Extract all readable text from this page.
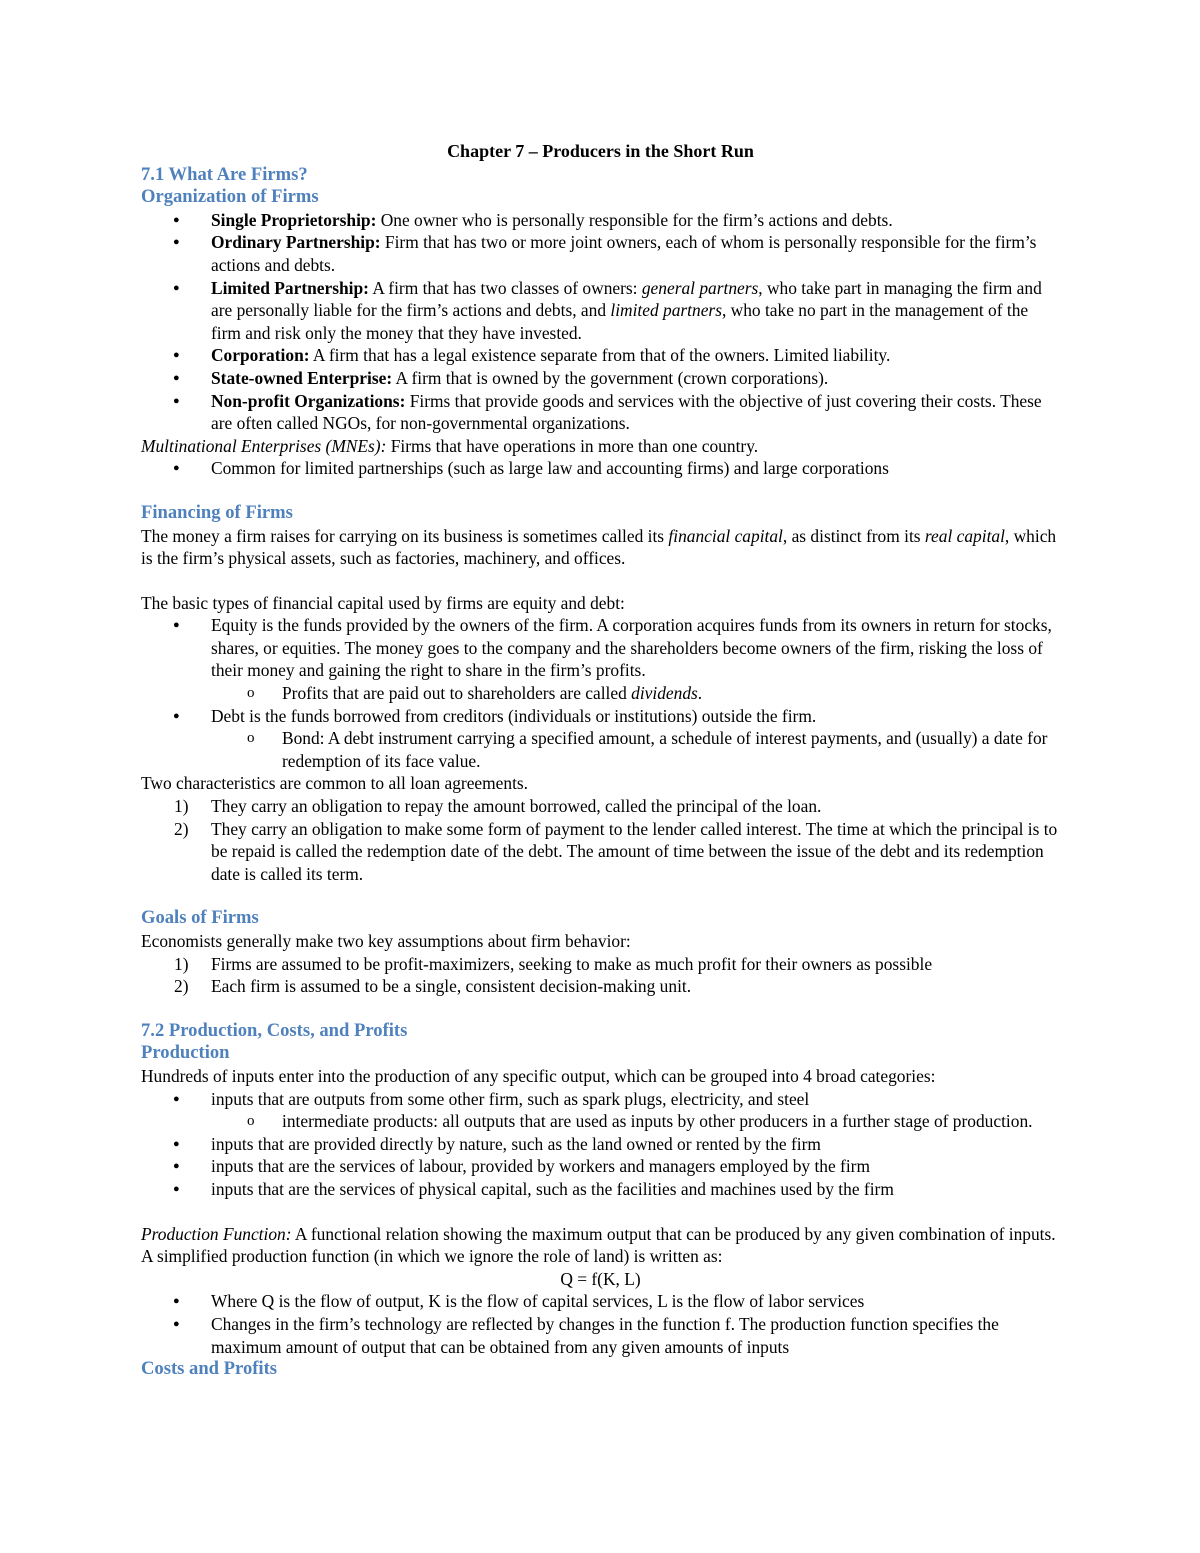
Chapter 7 – Producers in the Short Run

7.1 What Are Firms?

Organization of Firms

● Single Proprietorship: One owner who is personally responsible for the firm’s actions and debts.
● Ordinary Partnership: Firm that has two or more joint owners, each of whom is personally responsible for the firm’s actions and debts.
● Limited Partnership: A firm that has two classes of owners: general partners, who take part in managing the firm and are personally liable for the firm’s actions and debts, and limited partners, who take no part in the management of the firm and risk only the money that they have invested.
● Corporation: A firm that has a legal existence separate from that of the owners. Limited liability.
● State-owned Enterprise: A firm that is owned by the government (crown corporations).
● Non-profit Organizations: Firms that provide goods and services with the objective of just covering their costs. These are often called NGOs, for non-governmental organizations.

Multinational Enterprises (MNEs): Firms that have operations in more than one country.

● Common for limited partnerships (such as large law and accounting firms) and large corporations

Financing of Firms

The money a firm raises for carrying on its business is sometimes called its financial capital, as distinct from its real capital, which is the firm’s physical assets, such as factories, machinery, and offices.

The basic types of financial capital used by firms are equity and debt:

● Equity is the funds provided by the owners of the firm. A corporation acquires funds from its owners in return for stocks, shares, or equities. The money goes to the company and the shareholders become owners of the firm, risking the loss of their money and gaining the right to share in the firm’s profits.
o Profits that are paid out to shareholders are called dividends.
● Debt is the funds borrowed from creditors (individuals or institutions) outside the firm.
o Bond: A debt instrument carrying a specified amount, a schedule of interest payments, and (usually) a date for redemption of its face value.

Two characteristics are common to all loan agreements.

1) They carry an obligation to repay the amount borrowed, called the principal of the loan.
2) They carry an obligation to make some form of payment to the lender called interest. The time at which the principal is to be repaid is called the redemption date of the debt. The amount of time between the issue of the debt and its redemption date is called its term.

Goals of Firms

Economists generally make two key assumptions about firm behavior:

1) Firms are assumed to be profit-maximizers, seeking to make as much profit for their owners as possible
2) Each firm is assumed to be a single, consistent decision-making unit.

7.2 Production, Costs, and Profits

Production

Hundreds of inputs enter into the production of any specific output, which can be grouped into 4 broad categories:

● inputs that are outputs from some other firm, such as spark plugs, electricity, and steel
o intermediate products: all outputs that are used as inputs by other producers in a further stage of production.
● inputs that are provided directly by nature, such as the land owned or rented by the firm
● inputs that are the services of labour, provided by workers and managers employed by the firm
● inputs that are the services of physical capital, such as the facilities and machines used by the firm

Production Function: A functional relation showing the maximum output that can be produced by any given combination of inputs. A simplified production function (in which we ignore the role of land) is written as:

Q = f(K, L)

● Where Q is the flow of output, K is the flow of capital services, L is the flow of labor services
● Changes in the firm’s technology are reflected by changes in the function f. The production function specifies the maximum amount of output that can be obtained from any given amounts of inputs

Costs and Profits
